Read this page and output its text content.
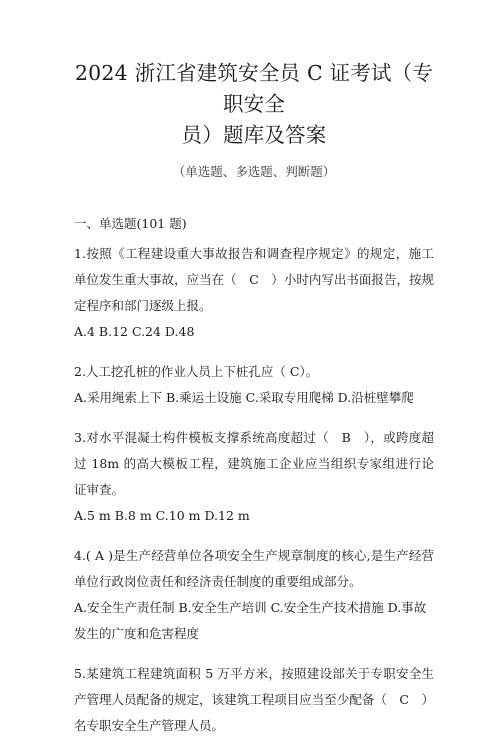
2024 浙江省建筑安全员 C 证考试（专职安全
员）题库及答案
（单选题、多选题、判断题）
一、单选题(101 题)
1.按照《工程建设重大事故报告和调查程序规定》的规定，施工单位发生重大事故，应当在（　C　）小时内写出书面报告，按规定程序和部门逐级上报。
A.4 B.12 C.24 D.48
2.人工挖孔桩的作业人员上下桩孔应（ C）。
A.采用绳索上下 B.乘运土设施 C.采取专用爬梯 D.沿桩壁攀爬
3.对水平混凝土构件模板支撑系统高度超过（　B　），或跨度超过 18m 的高大模板工程，建筑施工企业应当组织专家组进行论证审查。
A.5 m B.8 m C.10 m D.12 m
4.( A )是生产经营单位各项安全生产规章制度的核心,是生产经营单位行政岗位责任和经济责任制度的重要组成部分。
A.安全生产责任制 B.安全生产培训 C.安全生产技术措施 D.事故发生的广度和危害程度
5.某建筑工程建筑面积 5 万平方米，按照建设部关于专职安全生产管理人员配备的规定，该建筑工程项目应当至少配备（　C　）名专职安全生产管理人员。
